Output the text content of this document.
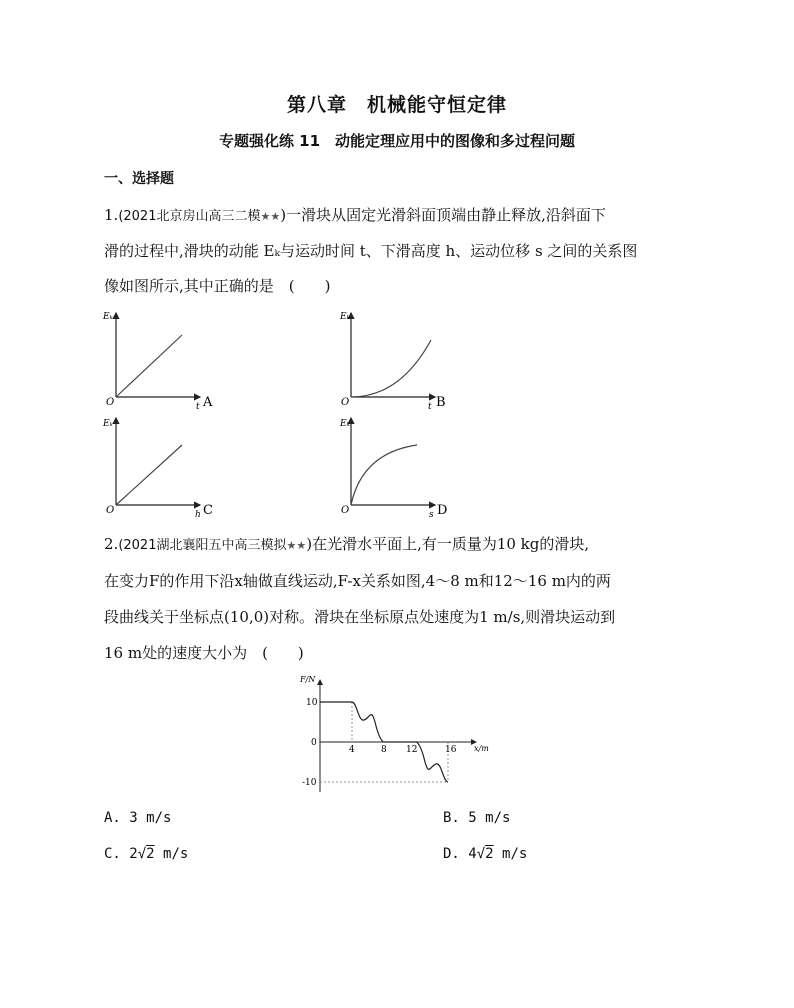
第八章　机械能守恒定律
专题强化练 11　动能定理应用中的图像和多过程问题
一、选择题
1.(2021北京房山高三二模★★)一滑块从固定光滑斜面顶端由静止释放,沿斜面下
滑的过程中,滑块的动能 Eₖ与运动时间 t、下滑高度 h、运动位移 s 之间的关系图
像如图所示,其中正确的是　(　　)
Eₖ
O	t A
Eₖ
O	t B
Eₖ
O	h C
Eₖ
O	s D
2.(2021湖北襄阳五中高三模拟★★)在光滑水平面上,有一质量为10 kg的滑块,
在变力F的作用下沿x轴做直线运动,F-x关系如图,4～8 m和12～16 m内的两
段曲线关于坐标点(10,0)对称。滑块在坐标原点处速度为1 m/s,则滑块运动到
16 m处的速度大小为　(　　)
F/N
x/m
10
0
-10
4	8 12	16
A. 3 m/s	B. 5 m/s
C. 2√2 m/s	D. 4√2 m/s
